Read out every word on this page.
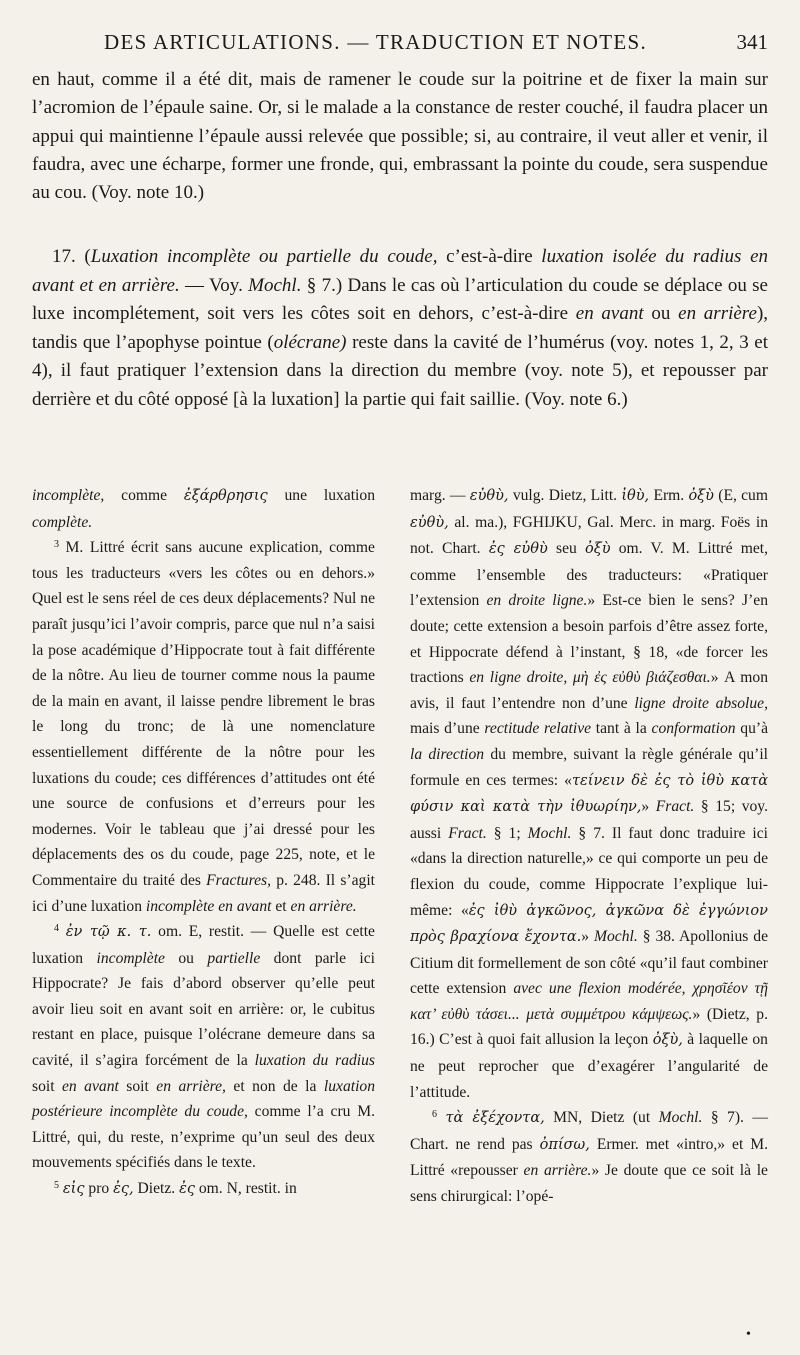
DES ARTICULATIONS. — TRADUCTION ET NOTES.	341

en haut, comme il a été dit, mais de ramener le coude sur la poitrine et de fixer la main sur l’acromion de l’épaule saine. Or, si le malade a la constance de rester couché, il faudra placer un appui qui maintienne l’épaule aussi relevée que possible; si, au contraire, il veut aller et venir, il faudra, avec une écharpe, former une fronde, qui, embrassant la pointe du coude, sera suspendue au cou. (Voy. note 10.)

17. (Luxation incomplète ou partielle du coude, c’est-à-dire luxation isolée du radius en avant et en arrière. — Voy. Mochl. § 7.) Dans le cas où l’articulation du coude se déplace ou se luxe incomplétement, soit vers les côtes soit en dehors, c’est-à-dire en avant ou en arrière), tandis que l’apophyse pointue (olécrane) reste dans la cavité de l’humérus (voy. notes 1, 2, 3 et 4), il faut pratiquer l’extension dans la direction du membre (voy. note 5), et repousser par derrière et du côté opposé [à la luxation] la partie qui fait saillie. (Voy. note 6.)

incomplète, comme ἐξάρθρησις une luxation complète.

$^3$ M. Littré écrit sans aucune explication, comme tous les traducteurs «vers les côtes ou en dehors.» Quel est le sens réel de ces deux déplacements? Nul ne paraît jusqu’ici l’avoir compris, parce que nul n’a saisi la pose académique d’Hippocrate tout à fait différente de la nôtre. Au lieu de tourner comme nous la paume de la main en avant, il laisse pendre librement le bras le long du tronc; de là une nomenclature essentiellement différente de la nôtre pour les luxations du coude; ces différences d’attitudes ont été une source de confusions et d’erreurs pour les modernes. Voir le tableau que j’ai dressé pour les déplacements des os du coude, page 225, note, et le Commentaire du traité des Fractures, p. 248. Il s’agit ici d’une luxation incomplète en avant et en arrière.

$^4$ ἐν τῷ κ. τ. om. E, restit. — Quelle est cette luxation incomplète ou partielle dont parle ici Hippocrate? Je fais d’abord observer qu’elle peut avoir lieu soit en avant soit en arrière: or, le cubitus restant en place, puisque l’olécrane demeure dans sa cavité, il s’agira forcément de la luxation du radius soit en avant soit en arrière, et non de la luxation postérieure incomplète du coude, comme l’a cru M. Littré, qui, du reste, n’exprime qu’un seul des deux mouvements spécifiés dans le texte.

$^5$ εἰς pro ἐς, Dietz. ἐς om. N, restit. in

marg. — εὐθὺ, vulg. Dietz, Litt. ἰθὺ, Erm. ὀξὺ (E, cum εὐθὺ, al. ma.), FGHIJKU, Gal. Merc. in marg. Foës in not. Chart. ἐς εὐθὺ seu ὀξὺ om. V. M. Littré met, comme l’ensemble des traducteurs: «Pratiquer l’extension en droite ligne.» Est-ce bien le sens? J’en doute; cette extension a besoin parfois d’être assez forte, et Hippocrate défend à l’instant, § 18, «de forcer les tractions en ligne droite, μὴ ἐς εὐθὺ βιάζεσθαι.» A mon avis, il faut l’entendre non d’une ligne droite absolue, mais d’une rectitude relative tant à la conformation qu’à la direction du membre, suivant la règle générale qu’il formule en ces termes: «τείνειν δὲ ἐς τὸ ἰθὺ κατὰ φύσιν καὶ κατὰ τὴν ἰθυωρίην,» Fract. § 15; voy. aussi Fract. § 1; Mochl. § 7. Il faut donc traduire ici «dans la direction naturelle,» ce qui comporte un peu de flexion du coude, comme Hippocrate l’explique lui-même: «ἐς ἰθὺ ἀγκῶνος, ἀγκῶνα δὲ ἐγγώνιον πρὸς βραχίονα ἔχοντα.» Mochl. § 38. Apollonius de Citium dit formellement de son côté «qu’il faut combiner cette extension avec une flexion modérée, χρησῖέον τῇ κατ’ εὐθὺ τάσει... μετὰ συμμέτρου κάμψεως.» (Dietz, p. 16.) C’est à quoi fait allusion la leçon ὀξὺ, à laquelle on ne peut reprocher que d’exagérer l’angularité de l’attitude.

$^6$ τὰ ἐξέχοντα, MN, Dietz (ut Mochl. § 7). — Chart. ne rend pas ὀπίσω, Ermer. met «intro,» et M. Littré «repousser en arrière.» Je doute que ce soit là le sens chirurgical: l’opé-

•
